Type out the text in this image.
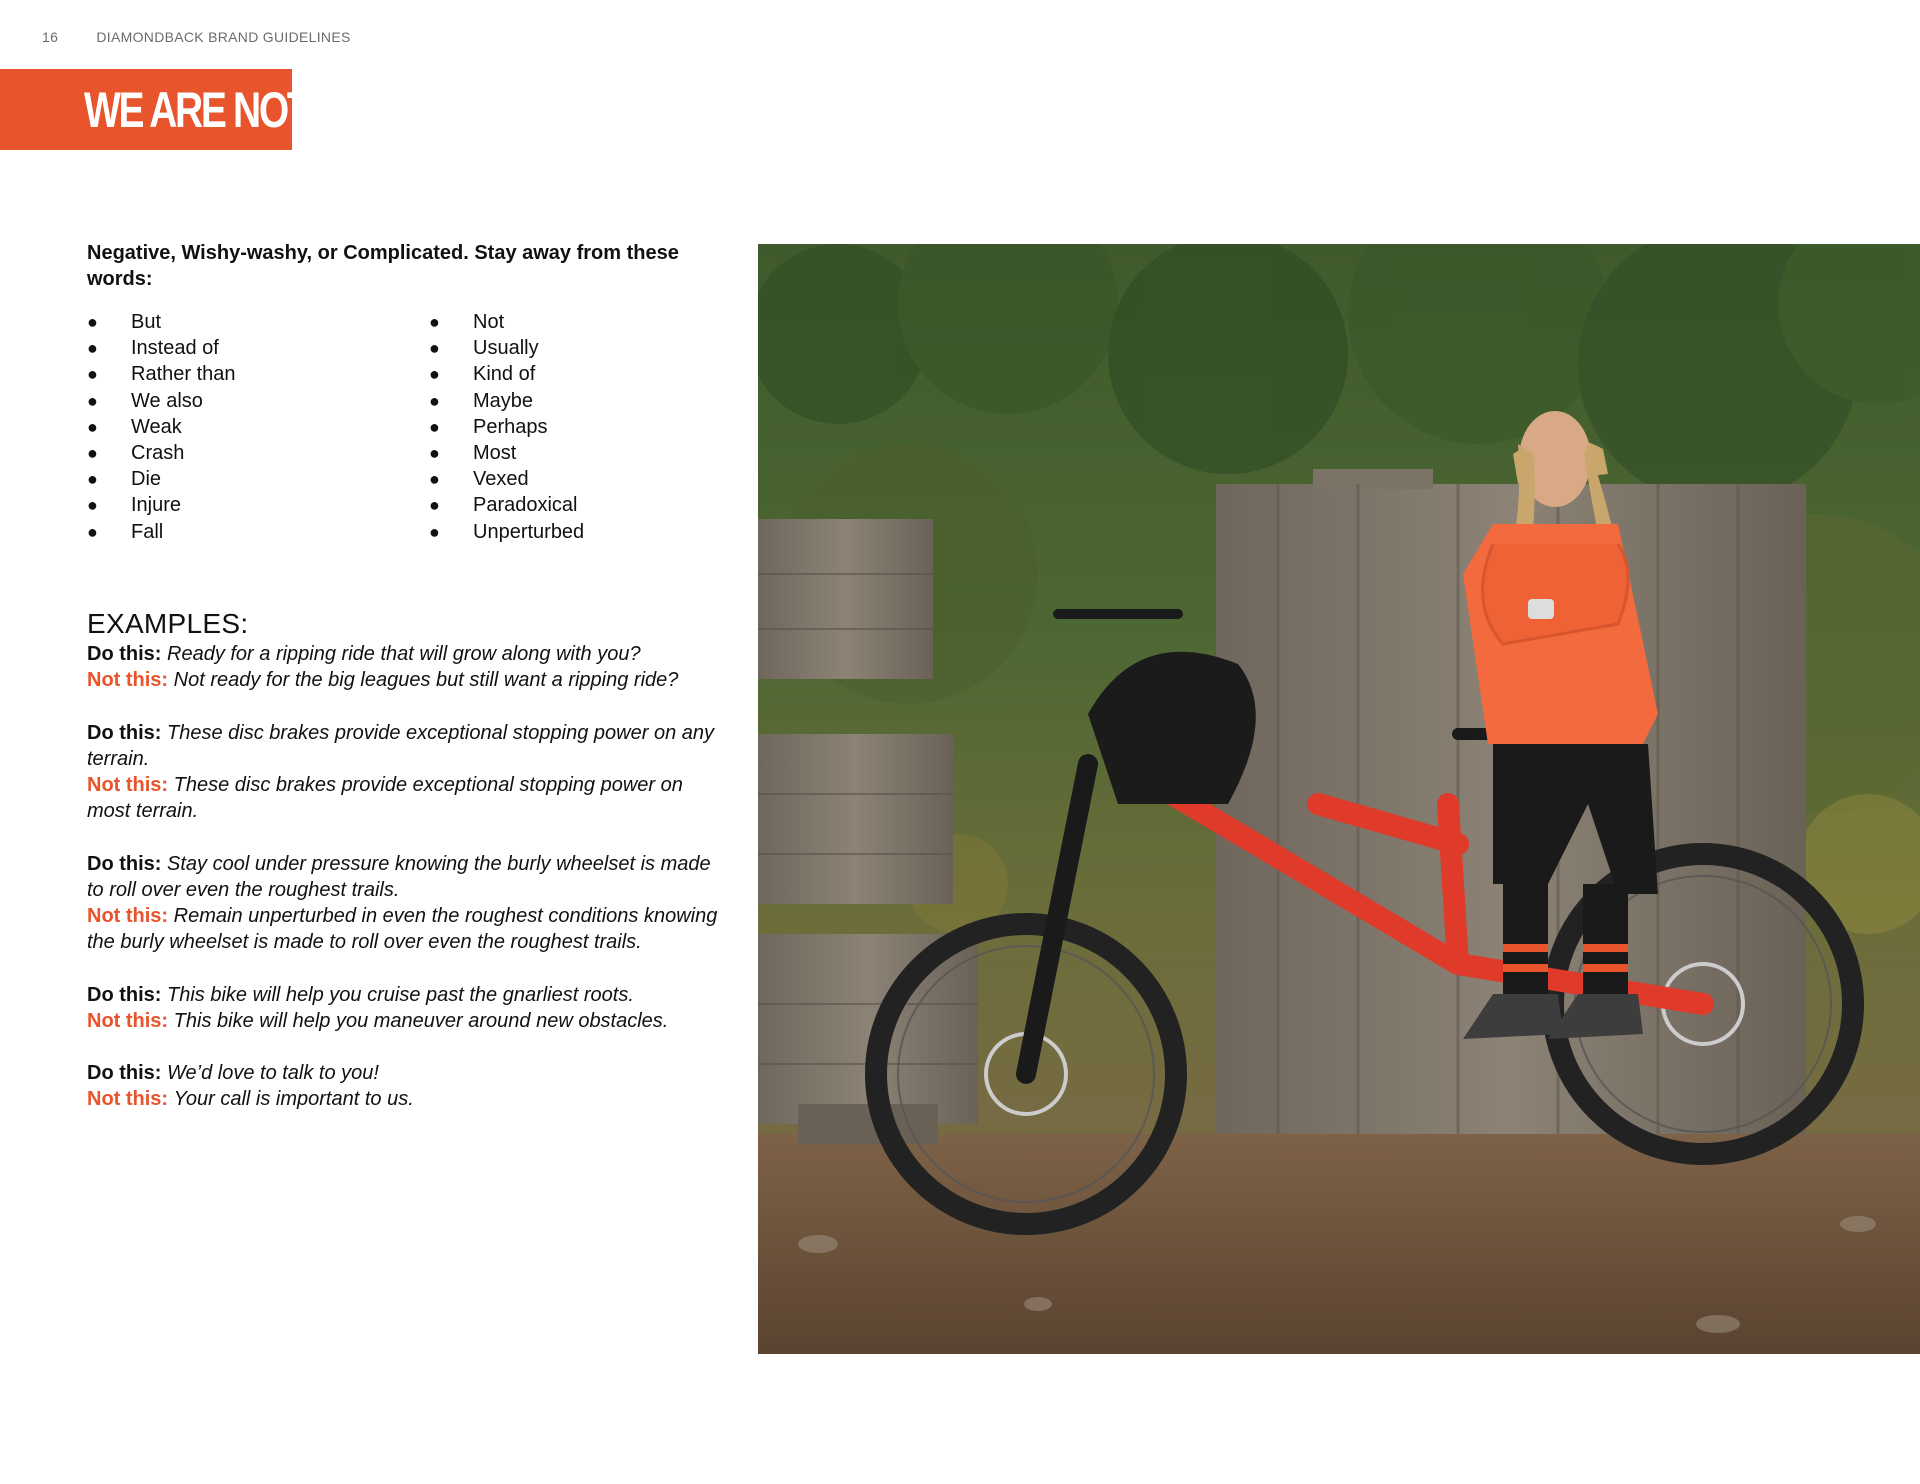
16	DIAMONDBACK BRAND GUIDELINES
WE ARE NOT:
Negative, Wishy-washy, or Complicated. Stay away from these words:
● But
● Instead of
● Rather than
● We also
● Weak
● Crash
● Die
● Injure
● Fall
● Not
● Usually
● Kind of
● Maybe
● Perhaps
● Most
● Vexed
● Paradoxical
● Unperturbed
EXAMPLES:
Do this: Ready for a ripping ride that will grow along with you?
Not this: Not ready for the big leagues but still want a ripping ride?
Do this: These disc brakes provide exceptional stopping power on any terrain.
Not this: These disc brakes provide exceptional stopping power on most terrain.
Do this: Stay cool under pressure knowing the burly wheelset is made to roll over even the roughest trails.
Not this: Remain unperturbed in even the roughest conditions knowing the burly wheelset is made to roll over even the roughest trails.
Do this: This bike will help you cruise past the gnarliest roots.
Not this: This bike will help you maneuver around new obstacles.
Do this: We’d love to talk to you!
Not this: Your call is important to us.
